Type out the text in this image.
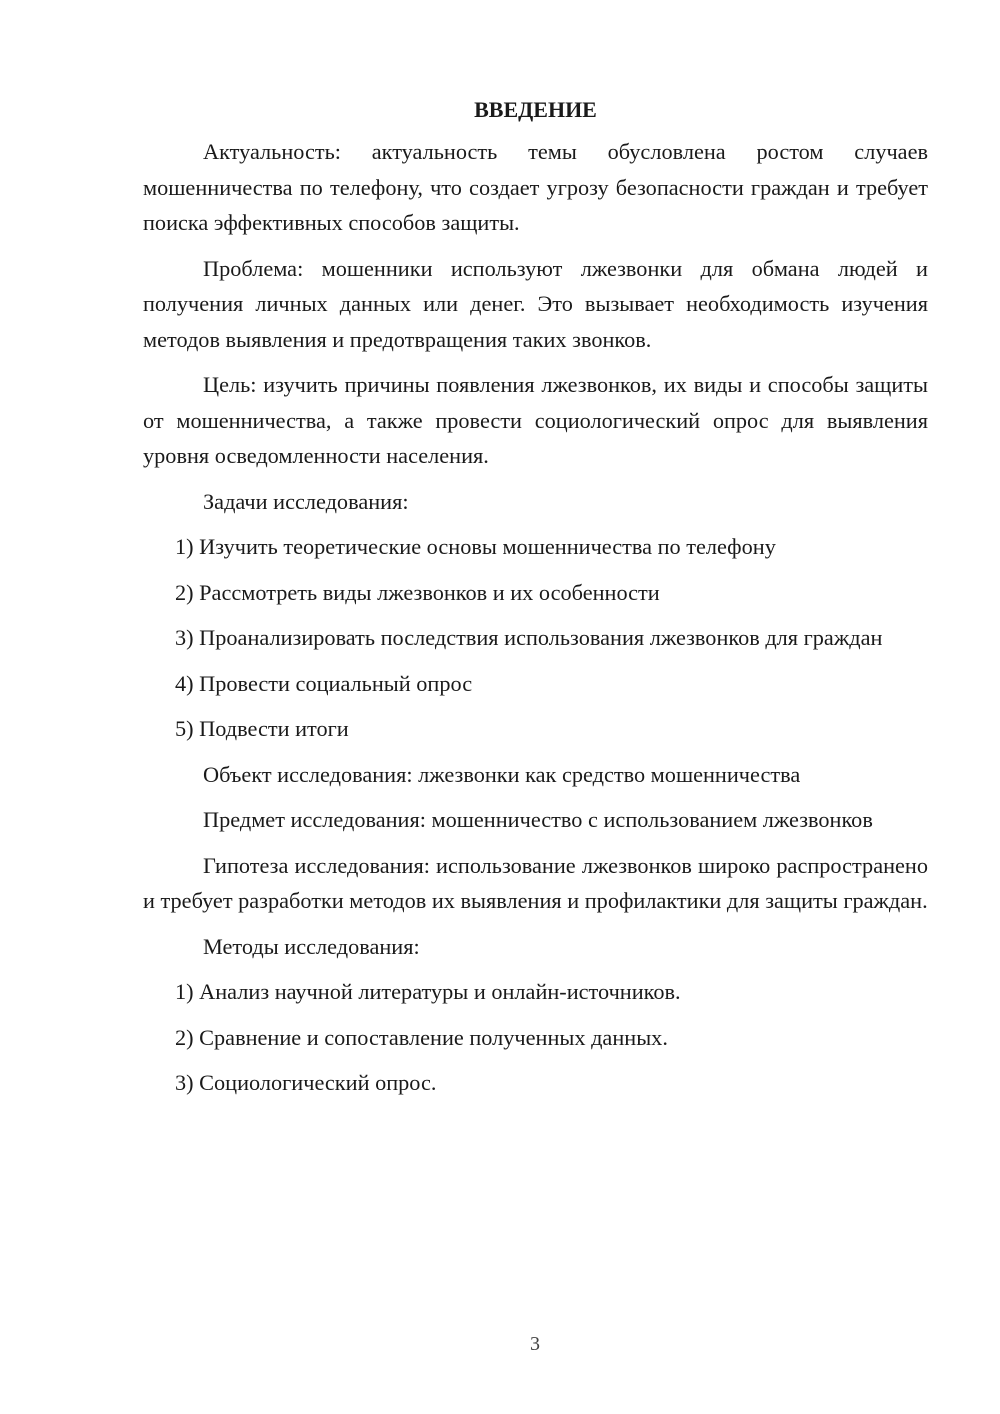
ВВЕДЕНИЕ

Актуальность: актуальность темы обусловлена ростом случаев мошенничества по телефону, что создает угрозу безопасности граждан и требует поиска эффективных способов защиты.

Проблема: мошенники используют лжезвонки для обмана людей и получения личных данных или денег. Это вызывает необходимость изучения методов выявления и предотвращения таких звонков.

Цель: изучить причины появления лжезвонков, их виды и способы защиты от мошенничества, а также провести социологический опрос для выявления уровня осведомленности населения.

Задачи исследования:

1) Изучить теоретические основы мошенничества по телефону

2) Рассмотреть виды лжезвонков и их особенности

3) Проанализировать последствия использования лжезвонков для граждан

4) Провести социальный опрос

5) Подвести итоги

Объект исследования: лжезвонки как средство мошенничества

Предмет исследования: мошенничество с использованием лжезвонков

Гипотеза исследования: использование лжезвонков широко распространено и требует разработки методов их выявления и профилактики для защиты граждан.

Методы исследования:

1) Анализ научной литературы и онлайн-источников.

2) Сравнение и сопоставление полученных данных.

3) Социологический опрос.

3
